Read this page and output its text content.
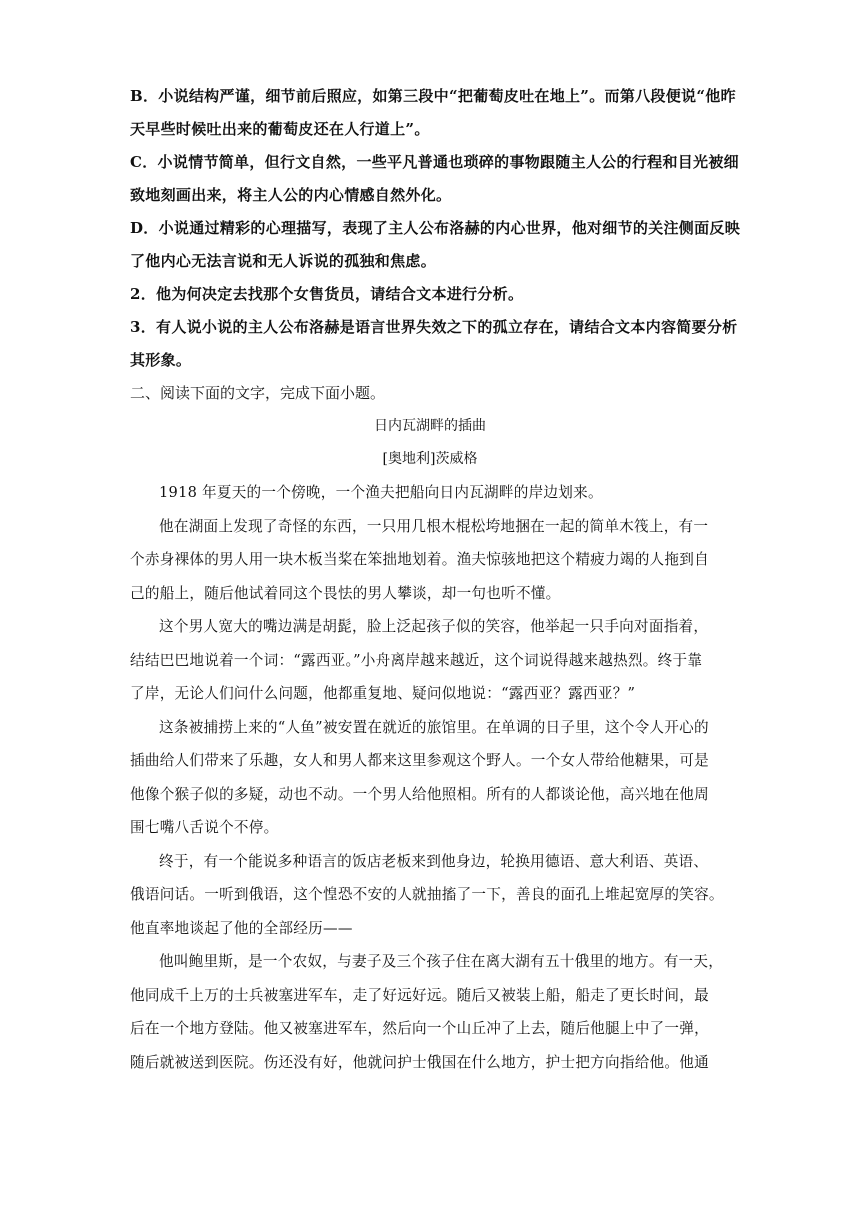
B．小说结构严谨，细节前后照应，如第三段中“把葡萄皮吐在地上”。而第八段便说“他昨
天早些时候吐出来的葡萄皮还在人行道上”。
C．小说情节简单，但行文自然，一些平凡普通也琐碎的事物跟随主人公的行程和目光被细
致地刻画出来，将主人公的内心情感自然外化。
D．小说通过精彩的心理描写，表现了主人公布洛赫的内心世界，他对细节的关注侧面反映
了他内心无法言说和无人诉说的孤独和焦虑。
2．他为何决定去找那个女售货员，请结合文本进行分析。
3．有人说小说的主人公布洛赫是语言世界失效之下的孤立存在，请结合文本内容简要分析
其形象。
二、阅读下面的文字，完成下面小题。
日内瓦湖畔的插曲
[奥地利]茨威格
1918 年夏天的一个傍晚，一个渔夫把船向日内瓦湖畔的岸边划来。
他在湖面上发现了奇怪的东西，一只用几根木棍松垮地捆在一起的简单木筏上，有一
个赤身裸体的男人用一块木板当桨在笨拙地划着。渔夫惊骇地把这个精疲力竭的人拖到自
己的船上，随后他试着同这个畏怯的男人攀谈，却一句也听不懂。
这个男人宽大的嘴边满是胡髭，脸上泛起孩子似的笑容，他举起一只手向对面指着，
结结巴巴地说着一个词：“露西亚。”小舟离岸越来越近，这个词说得越来越热烈。终于靠
了岸，无论人们问什么问题，他都重复地、疑问似地说：“露西亚？露西亚？”
这条被捕捞上来的“人鱼”被安置在就近的旅馆里。在单调的日子里，这个令人开心的
插曲给人们带来了乐趣，女人和男人都来这里参观这个野人。一个女人带给他糖果，可是
他像个猴子似的多疑，动也不动。一个男人给他照相。所有的人都谈论他，高兴地在他周
围七嘴八舌说个不停。
终于，有一个能说多种语言的饭店老板来到他身边，轮换用德语、意大利语、英语、
俄语问话。一听到俄语，这个惶恐不安的人就抽搐了一下，善良的面孔上堆起宽厚的笑容。
他直率地谈起了他的全部经历——
他叫鲍里斯，是一个农奴，与妻子及三个孩子住在离大湖有五十俄里的地方。有一天，
他同成千上万的士兵被塞进军车，走了好远好远。随后又被装上船，船走了更长时间，最
后在一个地方登陆。他又被塞进军车，然后向一个山丘冲了上去，随后他腿上中了一弹，
随后就被送到医院。伤还没有好，他就问护士俄国在什么地方，护士把方向指给他。他通
